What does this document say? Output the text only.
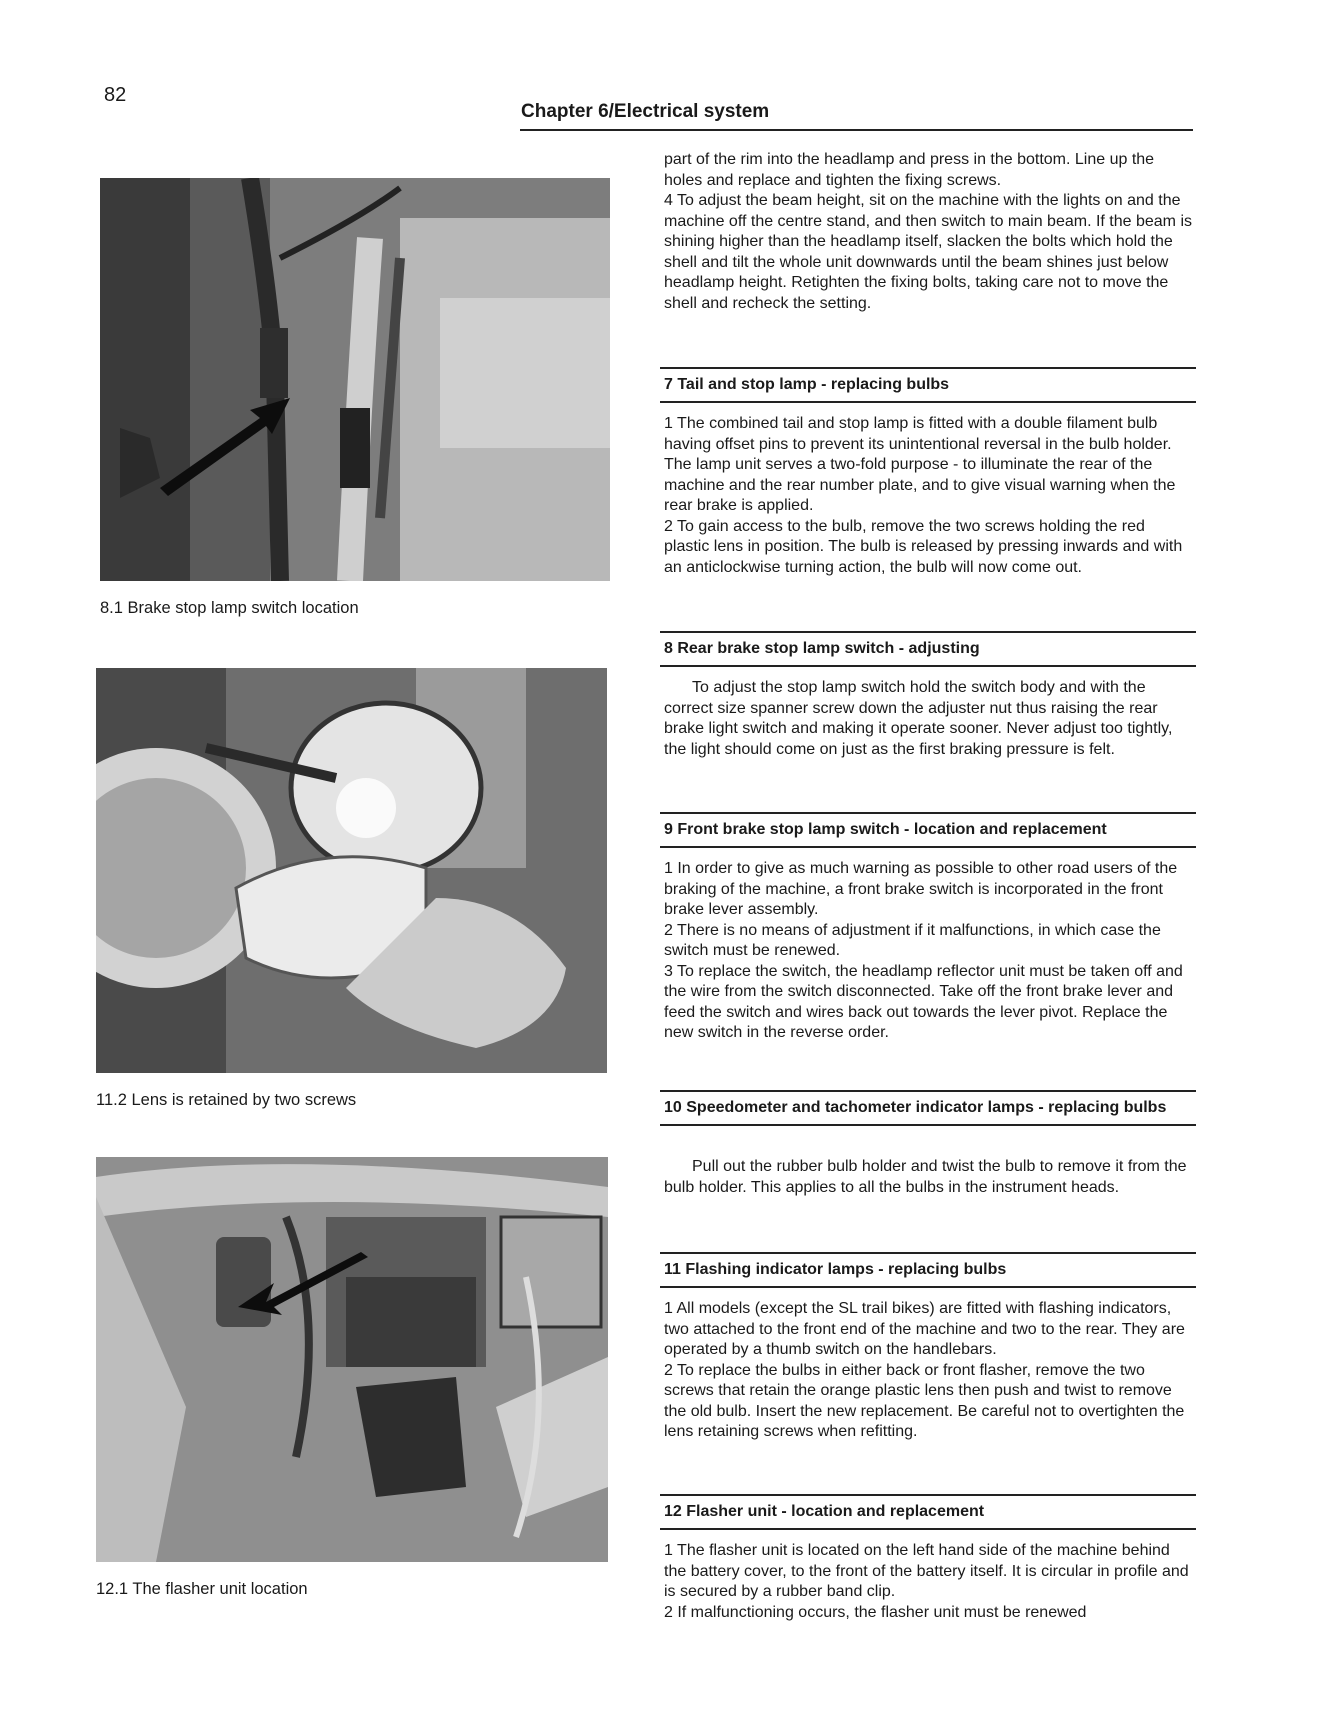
82
Chapter 6/Electrical system
8.1 Brake stop lamp switch location
11.2 Lens is retained by two screws
12.1 The flasher unit location

part of the rim into the headlamp and press in the bottom. Line up the holes and replace and tighten the fixing screws.

4 To adjust the beam height, sit on the machine with the lights on and the machine off the centre stand, and then switch to main beam. If the beam is shining higher than the headlamp itself, slacken the bolts which hold the shell and tilt the whole unit downwards until the beam shines just below headlamp height. Retighten the fixing bolts, taking care not to move the shell and recheck the setting.

7 Tail and stop lamp - replacing bulbs

1 The combined tail and stop lamp is fitted with a double filament bulb having offset pins to prevent its unintentional reversal in the bulb holder. The lamp unit serves a two-fold purpose - to illuminate the rear of the machine and the rear number plate, and to give visual warning when the rear brake is applied.

2 To gain access to the bulb, remove the two screws holding the red plastic lens in position. The bulb is released by pressing inwards and with an anticlockwise turning action, the bulb will now come out.

8 Rear brake stop lamp switch - adjusting

To adjust the stop lamp switch hold the switch body and with the correct size spanner screw down the adjuster nut thus raising the rear brake light switch and making it operate sooner. Never adjust too tightly, the light should come on just as the first braking pressure is felt.

9 Front brake stop lamp switch - location and replacement

1 In order to give as much warning as possible to other road users of the braking of the machine, a front brake switch is incorporated in the front brake lever assembly.

2 There is no means of adjustment if it malfunctions, in which case the switch must be renewed.

3 To replace the switch, the headlamp reflector unit must be taken off and the wire from the switch disconnected. Take off the front brake lever and feed the switch and wires back out towards the lever pivot. Replace the new switch in the reverse order.

10 Speedometer and tachometer indicator lamps - replacing bulbs

Pull out the rubber bulb holder and twist the bulb to remove it from the bulb holder. This applies to all the bulbs in the instrument heads.

11 Flashing indicator lamps - replacing bulbs

1 All models (except the SL trail bikes) are fitted with flashing indicators, two attached to the front end of the machine and two to the rear. They are operated by a thumb switch on the handlebars.

2 To replace the bulbs in either back or front flasher, remove the two screws that retain the orange plastic lens then push and twist to remove the old bulb. Insert the new replacement. Be careful not to overtighten the lens retaining screws when refitting.

12 Flasher unit - location and replacement

1 The flasher unit is located on the left hand side of the machine behind the battery cover, to the front of the battery itself. It is circular in profile and is secured by a rubber band clip.

2 If malfunctioning occurs, the flasher unit must be renewed
